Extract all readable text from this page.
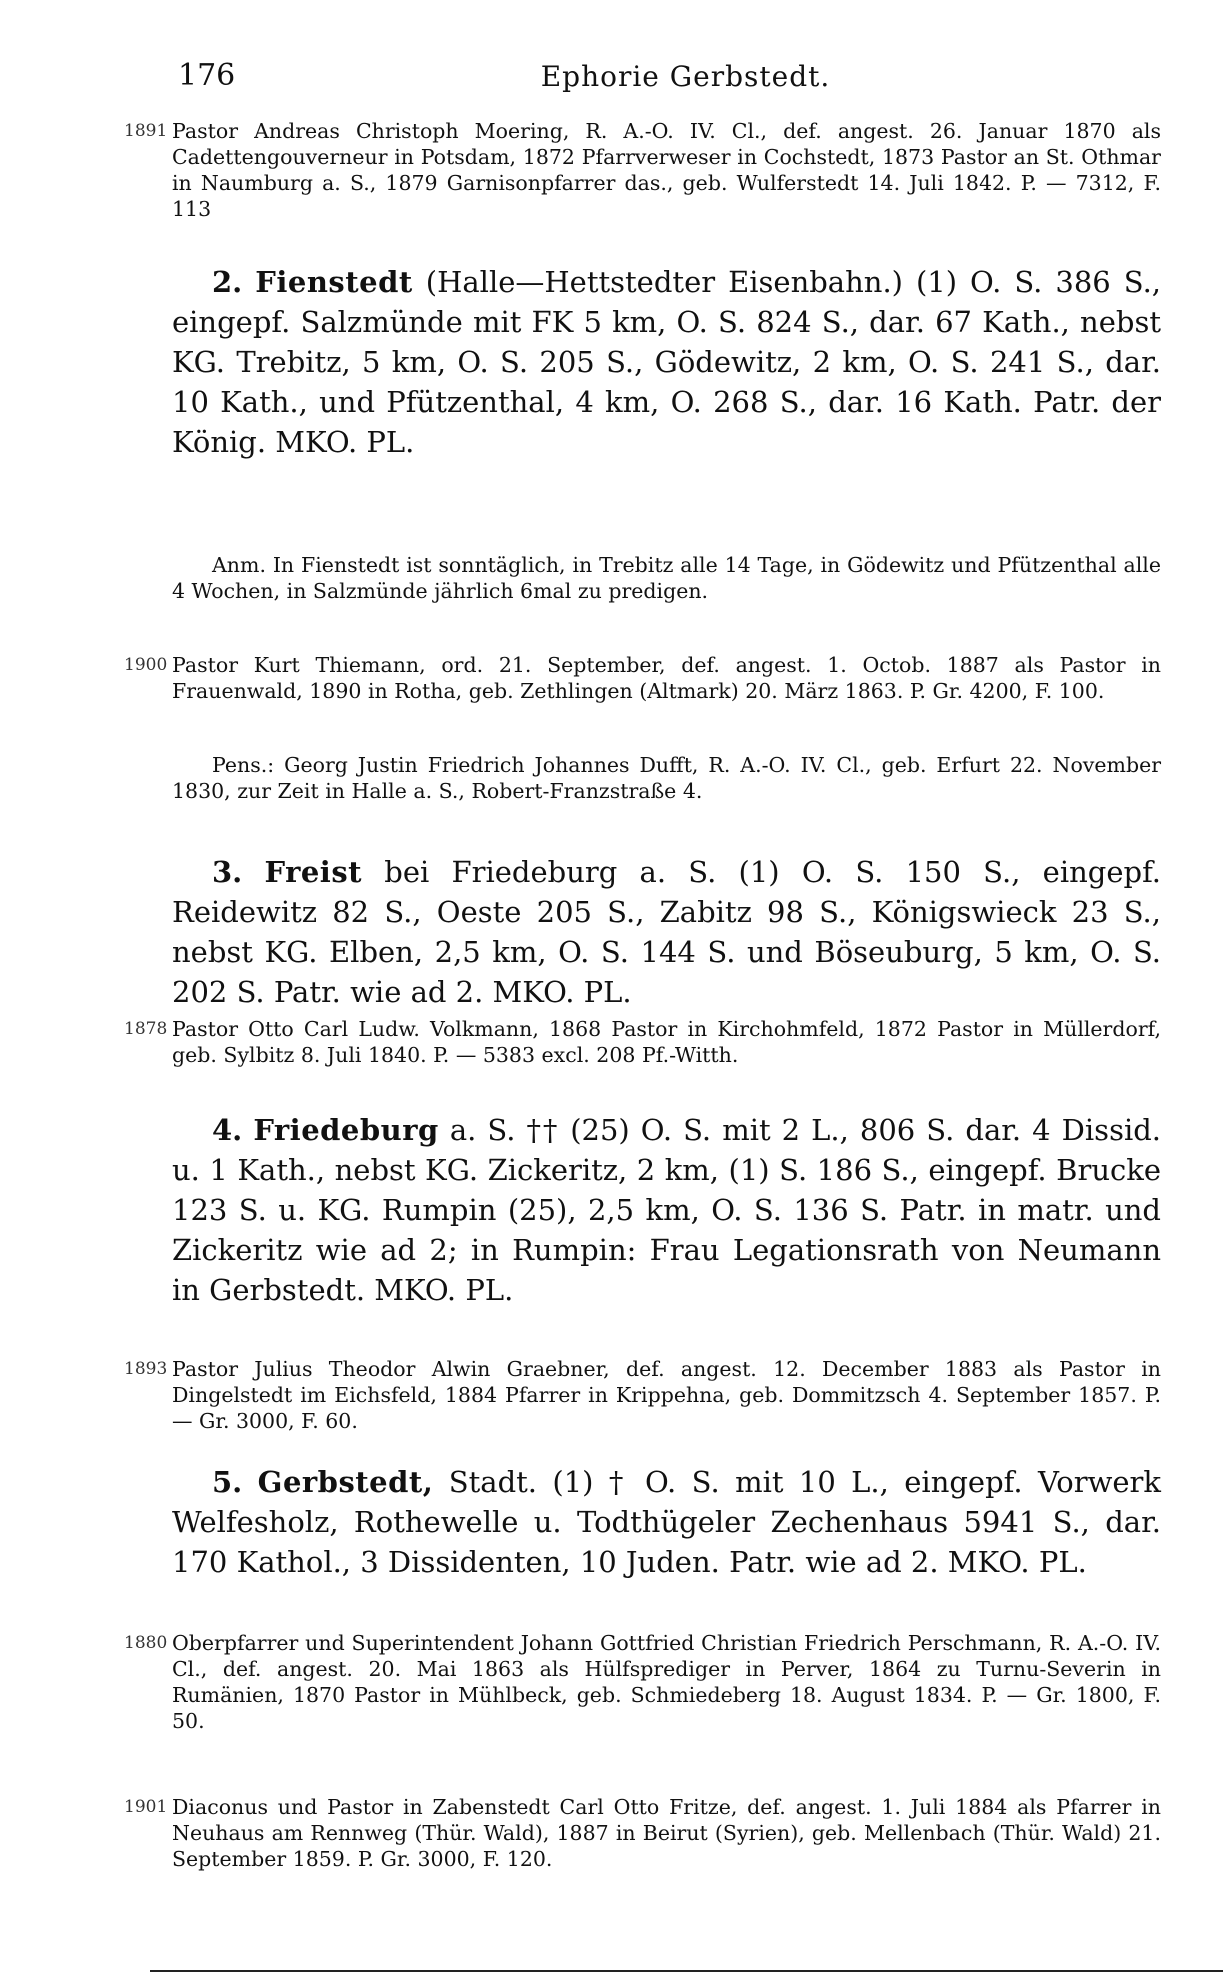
176	Ephorie Gerbstedt.
1891 Pastor Andreas Christoph Moering, R. A.-O. IV. Cl., def. angest. 26. Januar 1870 als Cadettengouverneur in Potsdam, 1872 Pfarrverweser in Cochstedt, 1873 Pastor an St. Othmar in Naumburg a. S., 1879 Garnisonpfarrer das., geb. Wulferstedt 14. Juli 1842. P. — 7312, F. 113
2. Fienstedt (Halle—Hettstedter Eisenbahn.) (1) O. S. 386 S., eingepf. Salzmünde mit FK 5 km, O. S. 824 S., dar. 67 Kath., nebst KG. Trebitz, 5 km, O. S. 205 S., Gödewitz, 2 km, O. S. 241 S., dar. 10 Kath., und Pfützenthal, 4 km, O. 268 S., dar. 16 Kath. Patr. der König. MKO. PL.
Anm. In Fienstedt ist sonntäglich, in Trebitz alle 14 Tage, in Gödewitz und Pfützenthal alle 4 Wochen, in Salzmünde jährlich 6mal zu predigen.
1900 Pastor Kurt Thiemann, ord. 21. September, def. angest. 1. Octob. 1887 als Pastor in Frauenwald, 1890 in Rotha, geb. Zethlingen (Altmark) 20. März 1863. P. Gr. 4200, F. 100.
Pens.: Georg Justin Friedrich Johannes Dufft, R. A.-O. IV. Cl., geb. Erfurt 22. November 1830, zur Zeit in Halle a. S., Robert-Franzstraße 4.
3. Freist bei Friedeburg a. S. (1) O. S. 150 S., eingepf. Reidewitz 82 S., Oeste 205 S., Zabitz 98 S., Königswieck 23 S., nebst KG. Elben, 2,5 km, O. S. 144 S. und Böseuburg, 5 km, O. S. 202 S. Patr. wie ad 2. MKO. PL.
1878 Pastor Otto Carl Ludw. Volkmann, 1868 Pastor in Kirchohmfeld, 1872 Pastor in Müllerdorf, geb. Sylbitz 8. Juli 1840. P. — 5383 excl. 208 Pf.-Witth.
4. Friedeburg a. S. †† (25) O. S. mit 2 L., 806 S. dar. 4 Dissid. u. 1 Kath., nebst KG. Zickeritz, 2 km, (1) S. 186 S., eingepf. Brucke 123 S. u. KG. Rumpin (25), 2,5 km, O. S. 136 S. Patr. in matr. und Zickeritz wie ad 2; in Rumpin: Frau Legationsrath von Neumann in Gerbstedt. MKO. PL.
1893 Pastor Julius Theodor Alwin Graebner, def. angest. 12. December 1883 als Pastor in Dingelstedt im Eichsfeld, 1884 Pfarrer in Krippehna, geb. Dommitzsch 4. September 1857. P. — Gr. 3000, F. 60.
5. Gerbstedt, Stadt. (1) † O. S. mit 10 L., eingepf. Vorwerk Welfesholz, Rothewelle u. Todthügeler Zechenhaus 5941 S., dar. 170 Kathol., 3 Dissidenten, 10 Juden. Patr. wie ad 2. MKO. PL.
1880 Oberpfarrer und Superintendent Johann Gottfried Christian Friedrich Perschmann, R. A.-O. IV. Cl., def. angest. 20. Mai 1863 als Hülfsprediger in Perver, 1864 zu Turnu-Severin in Rumänien, 1870 Pastor in Mühlbeck, geb. Schmiedeberg 18. August 1834. P. — Gr. 1800, F. 50.
1901 Diaconus und Pastor in Zabenstedt Carl Otto Fritze, def. angest. 1. Juli 1884 als Pfarrer in Neuhaus am Rennweg (Thür. Wald), 1887 in Beirut (Syrien), geb. Mellenbach (Thür. Wald) 21. September 1859. P. Gr. 3000, F. 120.
